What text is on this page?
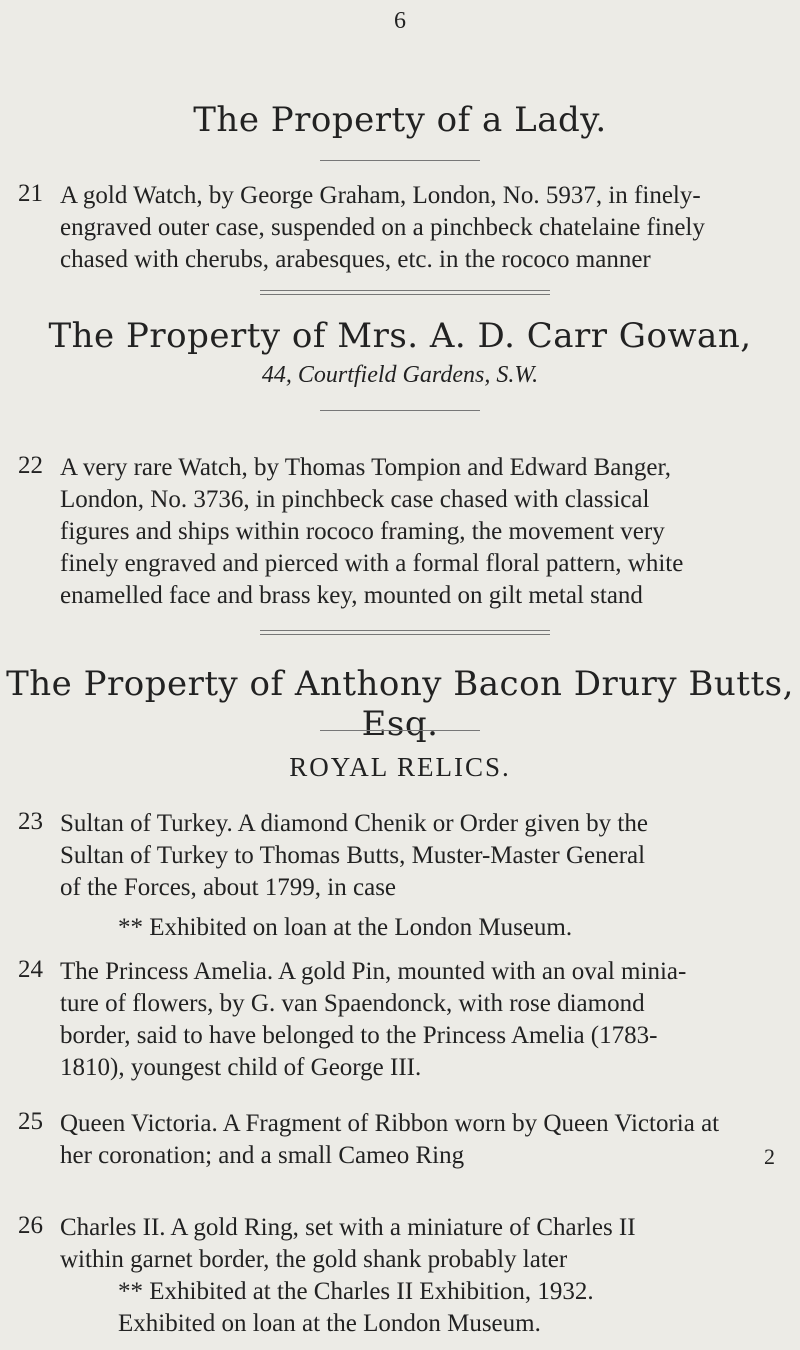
6
The Property of a Lady.
21 A gold Watch, by George Graham, London, No. 5937, in finely-

engraved outer case, suspended on a pinchbeck chatelaine finely

chased with cherubs, arabesques, etc. in the rococo manner

The Property of Mrs. A. D. Carr Gowan,
44, Courtfield Gardens, S.W.
22 A very rare Watch, by Thomas Tompion and Edward Banger,

London, No. 3736, in pinchbeck case chased with classical

figures and ships within rococo framing, the movement very

finely engraved and pierced with a formal floral pattern, white

enamelled face and brass key, mounted on gilt metal stand

The Property of Anthony Bacon Drury Butts, Esq.
ROYAL RELICS.
23 Sultan of Turkey. A diamond Chenik or Order given by the

Sultan of Turkey to Thomas Butts, Muster-Master General

of the Forces, about 1799, in case

** Exhibited on loan at the London Museum.
24 The Princess Amelia. A gold Pin, mounted with an oval minia-

ture of flowers, by G. van Spaendonck, with rose diamond

border, said to have belonged to the Princess Amelia (1783-

1810), youngest child of George III.

25 Queen Victoria. A Fragment of Ribbon worn by Queen Victoria at

her coronation; and a small Cameo Ring	2
26 Charles II. A gold Ring, set with a miniature of Charles II

within garnet border, the gold shank probably later

** Exhibited at the Charles II Exhibition, 1932.
Exhibited on loan at the London Museum.
